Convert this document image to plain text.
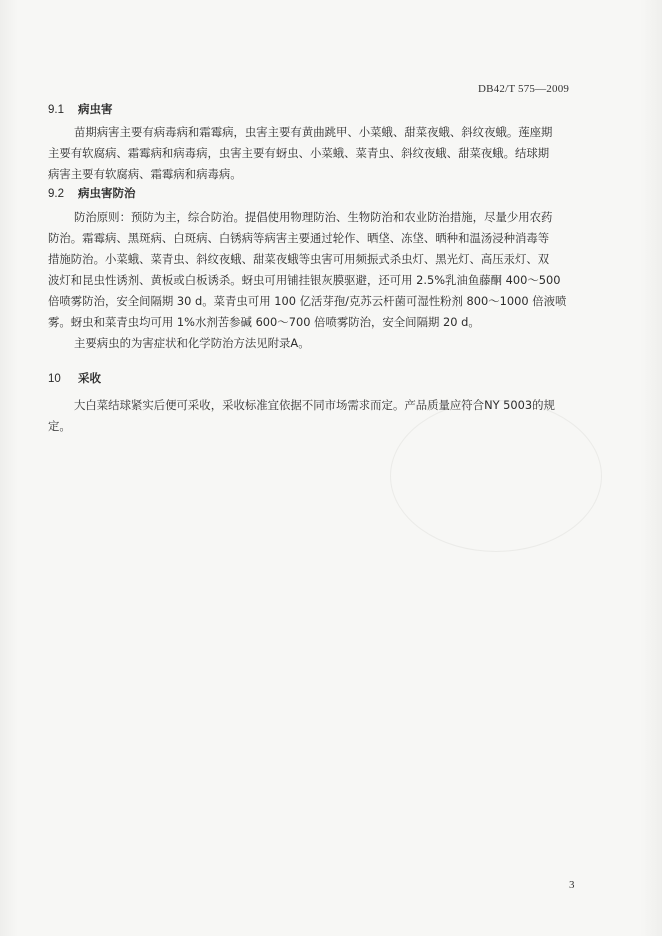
DB42/T 575—2009
9.1 病虫害
苗期病害主要有病毒病和霜霉病，虫害主要有黄曲跳甲、小菜蛾、甜菜夜蛾、斜纹夜蛾。莲座期
主要有软腐病、霜霉病和病毒病，虫害主要有蚜虫、小菜蛾、菜青虫、斜纹夜蛾、甜菜夜蛾。结球期
病害主要有软腐病、霜霉病和病毒病。
9.2 病虫害防治
防治原则：预防为主，综合防治。提倡使用物理防治、生物防治和农业防治措施，尽量少用农药
防治。霜霉病、黑斑病、白斑病、白锈病等病害主要通过轮作、晒垡、冻垡、晒种和温汤浸种消毒等
措施防治。小菜蛾、菜青虫、斜纹夜蛾、甜菜夜蛾等虫害可用频振式杀虫灯、黑光灯、高压汞灯、双
波灯和昆虫性诱剂、黄板或白板诱杀。蚜虫可用铺挂银灰膜驱避，还可用 2.5%乳油鱼藤酮 400～500
倍喷雾防治，安全间隔期 30 d。菜青虫可用 100 亿活芽孢/克苏云杆菌可湿性粉剂 800～1000 倍液喷
雾。蚜虫和菜青虫均可用 1%水剂苦参碱 600～700 倍喷雾防治，安全间隔期 20 d。
主要病虫的为害症状和化学防治方法见附录A。
10 采收
大白菜结球紧实后便可采收，采收标准宜依据不同市场需求而定。产品质量应符合NY 5003的规
定。
3
